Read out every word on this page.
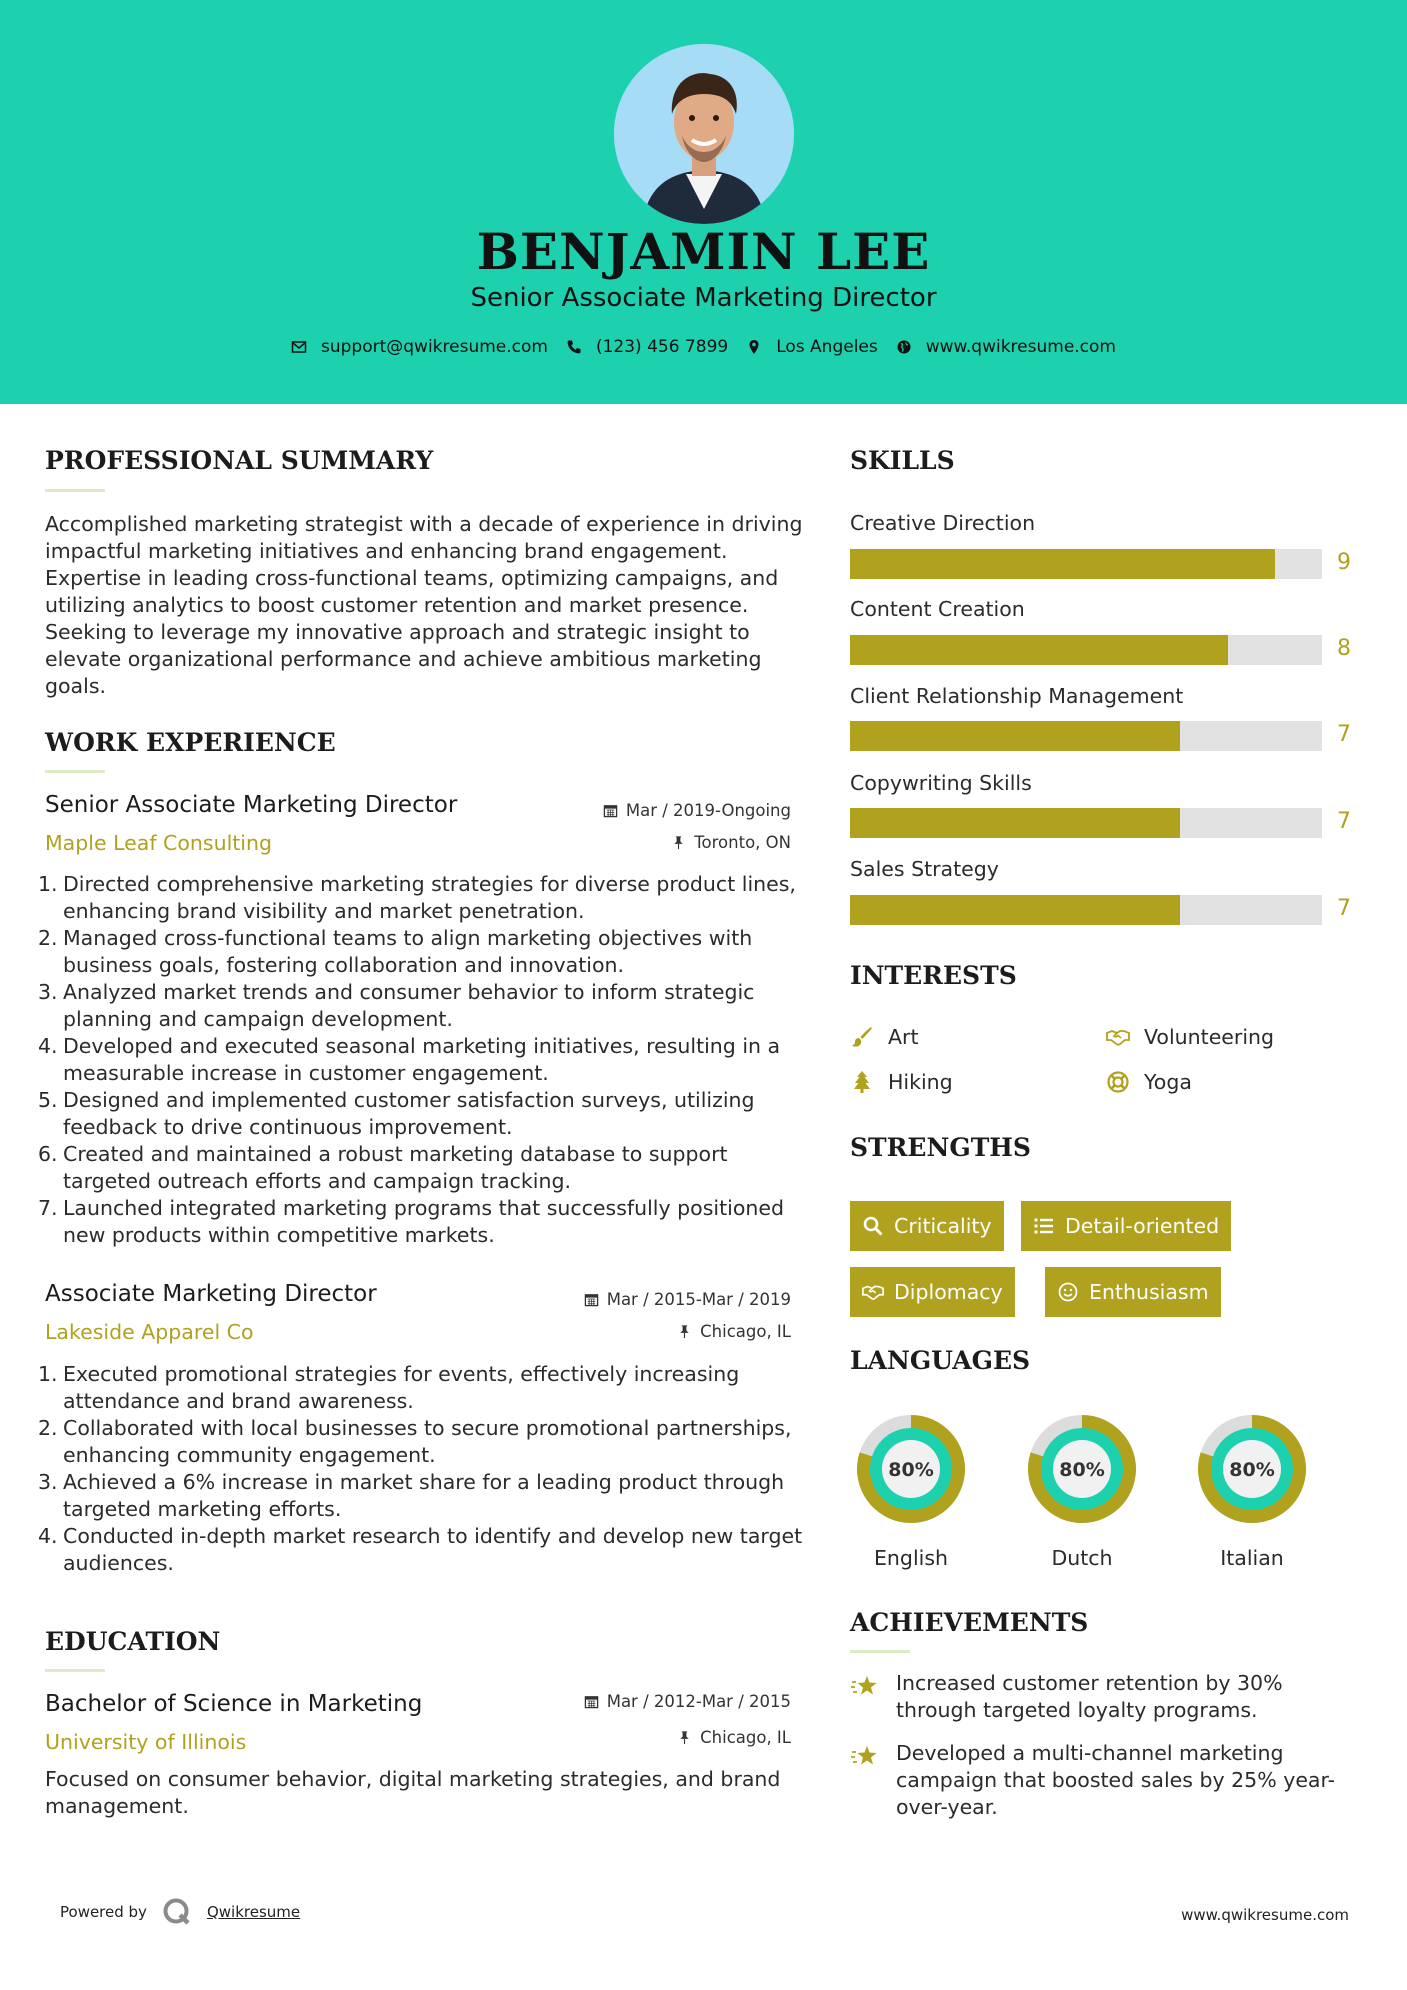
BENJAMIN LEE
Senior Associate Marketing Director
support@qwikresume.com	(123) 456 7899	Los Angeles	www.qwikresume.com
PROFESSIONAL SUMMARY
Accomplished marketing strategist with a decade of experience in driving impactful marketing initiatives and enhancing brand engagement. Expertise in leading cross-functional teams, optimizing campaigns, and utilizing analytics to boost customer retention and market presence. Seeking to leverage my innovative approach and strategic insight to elevate organizational performance and achieve ambitious marketing goals.
WORK EXPERIENCE
Senior Associate Marketing Director	Mar / 2019-Ongoing
Maple Leaf Consulting	Toronto, ON
1. Directed comprehensive marketing strategies for diverse product lines, enhancing brand visibility and market penetration.
2. Managed cross-functional teams to align marketing objectives with business goals, fostering collaboration and innovation.
3. Analyzed market trends and consumer behavior to inform strategic planning and campaign development.
4. Developed and executed seasonal marketing initiatives, resulting in a measurable increase in customer engagement.
5. Designed and implemented customer satisfaction surveys, utilizing feedback to drive continuous improvement.
6. Created and maintained a robust marketing database to support targeted outreach efforts and campaign tracking.
7. Launched integrated marketing programs that successfully positioned new products within competitive markets.
Associate Marketing Director	Mar / 2015-Mar / 2019
Lakeside Apparel Co	Chicago, IL
1. Executed promotional strategies for events, effectively increasing attendance and brand awareness.
2. Collaborated with local businesses to secure promotional partnerships, enhancing community engagement.
3. Achieved a 6% increase in market share for a leading product through targeted marketing efforts.
4. Conducted in-depth market research to identify and develop new target audiences.
EDUCATION
Bachelor of Science in Marketing	Mar / 2012-Mar / 2015
University of Illinois	Chicago, IL
Focused on consumer behavior, digital marketing strategies, and brand management.
SKILLS
Creative Direction
9
Content Creation
8
Client Relationship Management
7
Copywriting Skills
7
Sales Strategy
7
INTERESTS
Art	Volunteering
Hiking	Yoga
STRENGTHS
Criticality	Detail-oriented
Diplomacy	Enthusiasm
LANGUAGES
80%
English
80%
Dutch
80%
Italian
ACHIEVEMENTS
Increased customer retention by 30% through targeted loyalty programs.
Developed a multi-channel marketing campaign that boosted sales by 25% year-over-year.
Powered by	Qwikresume	www.qwikresume.com
